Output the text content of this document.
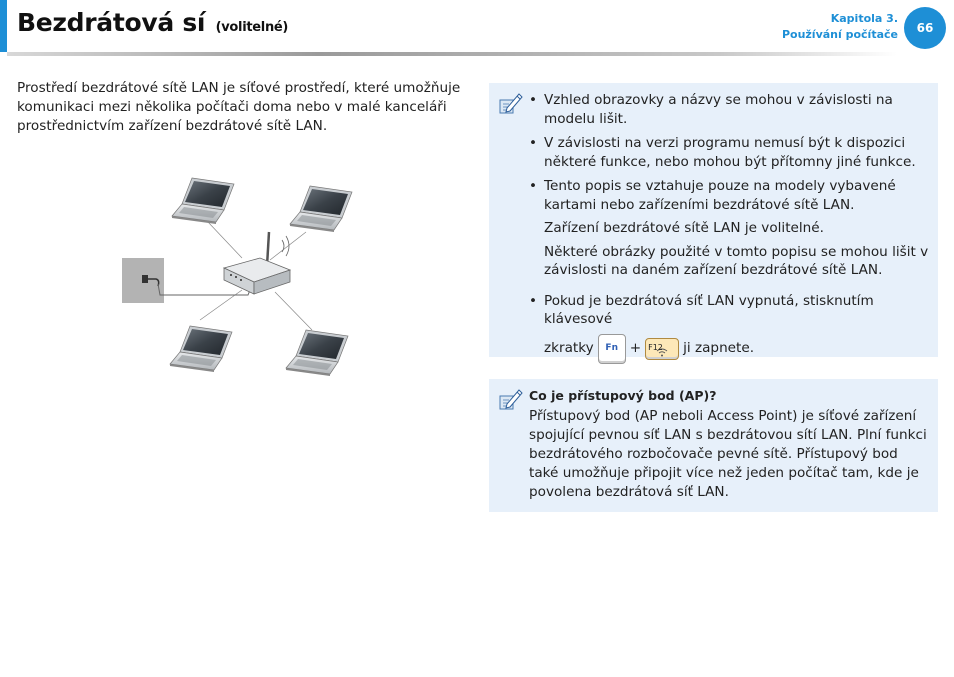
Bezdrátová sí (volitelné)
Kapitola 3.
Používání počítače 66

Prostředí bezdrátové sítě LAN je síťové prostředí, které umožňuje komunikaci mezi několika počítači doma nebo v malé kanceláři prostřednictvím zařízení bezdrátové sítě LAN.

• Vzhled obrazovky a názvy se mohou v závislosti na modelu lišit.

• V závislosti na verzi programu nemusí být k dispozici některé funkce, nebo mohou být přítomny jiné funkce.

• Tento popis se vztahuje pouze na modely vybavené kartami nebo zařízeními bezdrátové sítě LAN.

Zařízení bezdrátové sítě LAN je volitelné.

Některé obrázky použité v tomto popisu se mohou lišit v závislosti na daném zařízení bezdrátové sítě LAN.

• Pokud je bezdrátová síť LAN vypnutá, stisknutím klávesové

zkratky Fn + F12 ji zapnete.
Co je přístupový bod (AP)?

Přístupový bod (AP neboli Access Point) je síťové zařízení spojující pevnou síť LAN s bezdrátovou sítí LAN. Plní funkci bezdrátového rozbočovače pevné sítě. Přístupový bod také umožňuje připojit více než jeden počítač tam, kde je povolena bezdrátová síť LAN.
